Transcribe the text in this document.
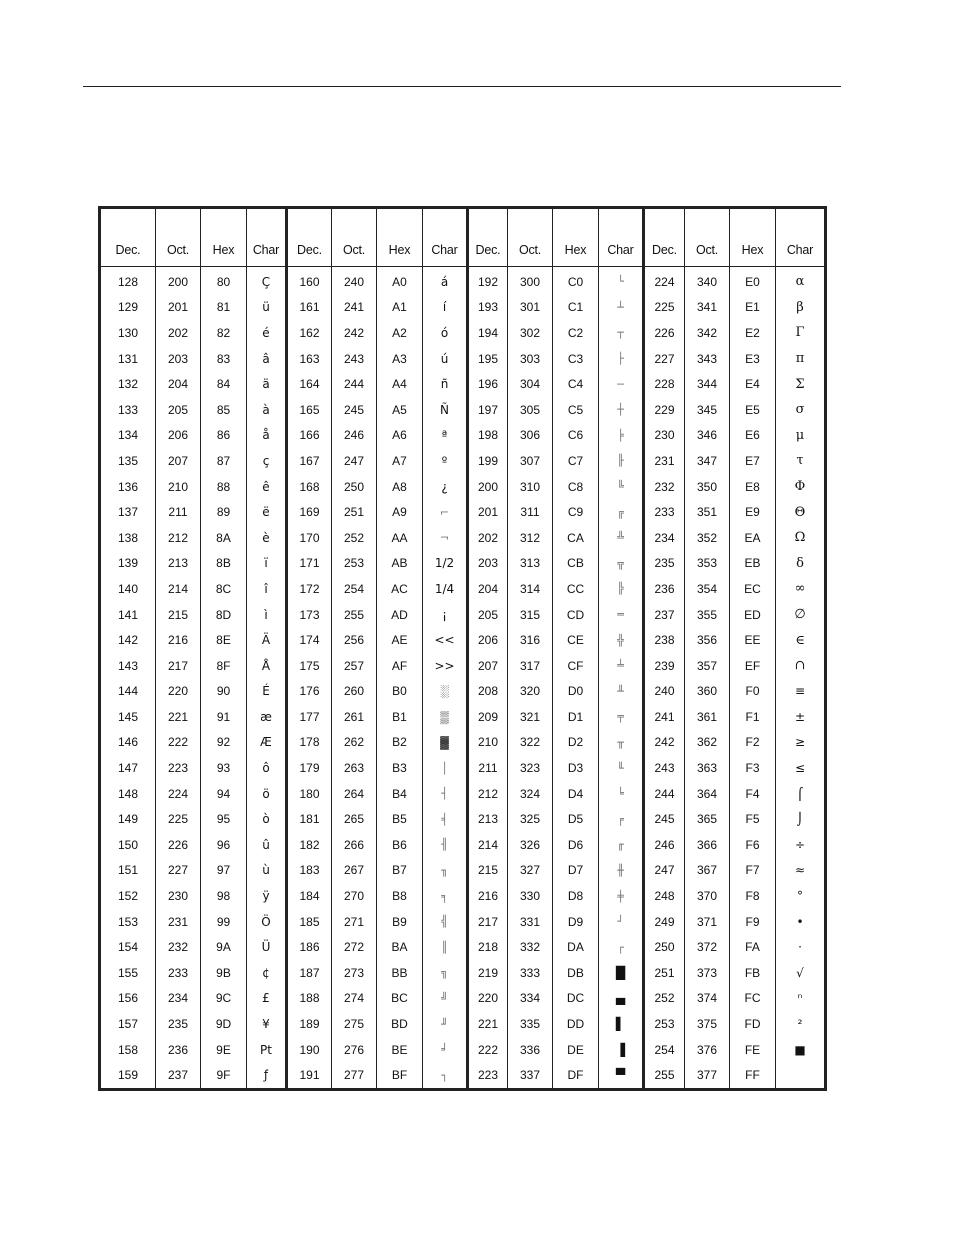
Dec.	Oct.	Hex	Char	Dec.	Oct.	Hex	Char	Dec.	Oct.	Hex	Char	Dec.	Oct.	Hex	Char
128	200	80	Ç	160	240	A0	á	192	300	C0	└	224	340	E0	α
129	201	81	ü	161	241	A1	í	193	301	C1	┴	225	341	E1	β
130	202	82	é	162	242	A2	ó	194	302	C2	┬	226	342	E2	Γ
131	203	83	â	163	243	A3	ú	195	303	C3	├	227	343	E3	π
132	204	84	ä	164	244	A4	ñ	196	304	C4	─	228	344	E4	Σ
133	205	85	à	165	245	A5	Ñ	197	305	C5	┼	229	345	E5	σ
134	206	86	å	166	246	A6	ª	198	306	C6	╞	230	346	E6	μ
135	207	87	ç	167	247	A7	º	199	307	C7	╟	231	347	E7	τ
136	210	88	ê	168	250	A8	¿	200	310	C8	╚	232	350	E8	Φ
137	211	89	ë	169	251	A9	⌐	201	311	C9	╔	233	351	E9	Θ
138	212	8A	è	170	252	AA	¬	202	312	CA	╩	234	352	EA	Ω
139	213	8B	ï	171	253	AB	1/2	203	313	CB	╦	235	353	EB	δ
140	214	8C	î	172	254	AC	1/4	204	314	CC	╠	236	354	EC	∞
141	215	8D	ì	173	255	AD	¡	205	315	CD	═	237	355	ED	∅
142	216	8E	Ä	174	256	AE	<<	206	316	CE	╬	238	356	EE	∈
143	217	8F	Å	175	257	AF	>>	207	317	CF	╧	239	357	EF	∩
144	220	90	É	176	260	B0	░	208	320	D0	╨	240	360	F0	≡
145	221	91	æ	177	261	B1	▒	209	321	D1	╤	241	361	F1	±
146	222	92	Æ	178	262	B2	▓	210	322	D2	╥	242	362	F2	≥
147	223	93	ô	179	263	B3	│	211	323	D3	╙	243	363	F3	≤
148	224	94	ö	180	264	B4	┤	212	324	D4	╘	244	364	F4	⌠
149	225	95	ò	181	265	B5	╡	213	325	D5	╒	245	365	F5	⌡
150	226	96	û	182	266	B6	╢	214	326	D6	╓	246	366	F6	÷
151	227	97	ù	183	267	B7	╖	215	327	D7	╫	247	367	F7	≈
152	230	98	ÿ	184	270	B8	╕	216	330	D8	╪	248	370	F8	°
153	231	99	Ö	185	271	B9	╣	217	331	D9	┘	249	371	F9	•
154	232	9A	Ü	186	272	BA	║	218	332	DA	┌	250	372	FA	·
155	233	9B	¢	187	273	BB	╗	219	333	DB	█	251	373	FB	√
156	234	9C	£	188	274	BC	╝	220	334	DC	▄	252	374	FC	ⁿ
157	235	9D	¥	189	275	BD	╜	221	335	DD	▌	253	375	FD	²
158	236	9E	Pt	190	276	BE	╛	222	336	DE	▐	254	376	FE	■
159	237	9F	ƒ	191	277	BF	┐	223	337	DF	▀	255	377	FF	
